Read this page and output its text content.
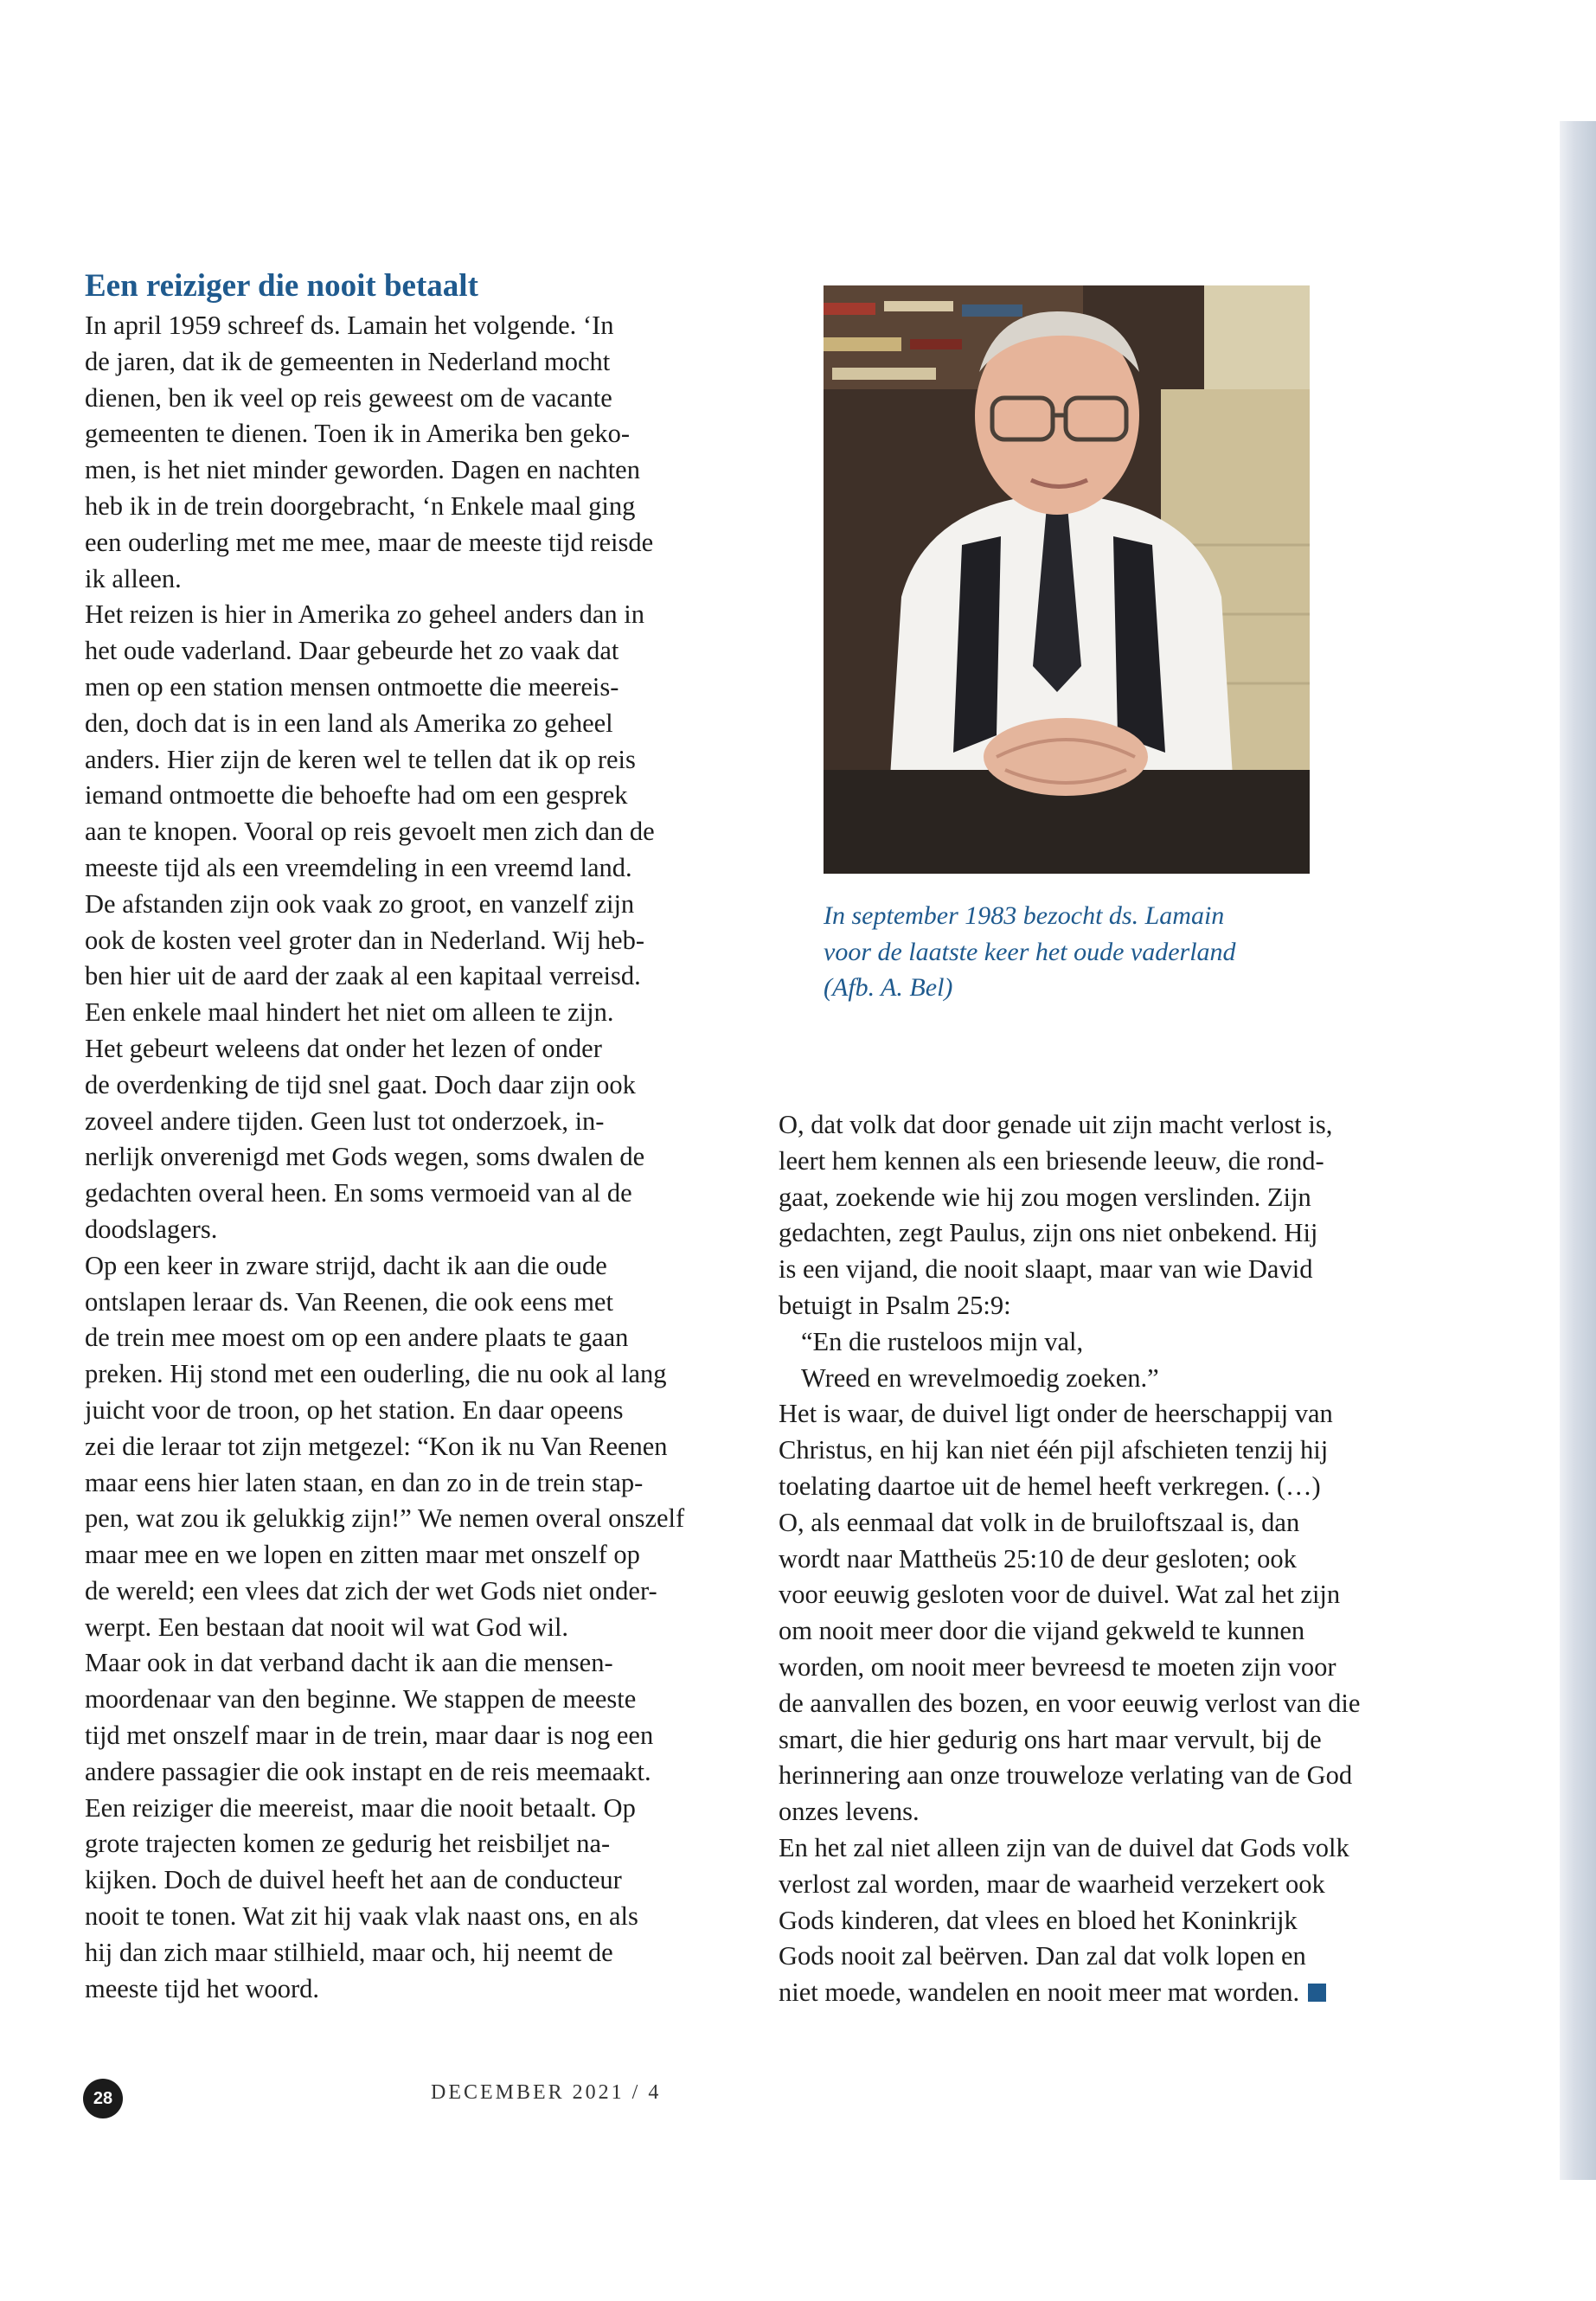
Een reiziger die nooit betaalt
In april 1959 schreef ds. Lamain het volgende. ‘In
de jaren, dat ik de gemeenten in Nederland mocht
dienen, ben ik veel op reis geweest om de vacante
gemeenten te dienen. Toen ik in Amerika ben geko-
men, is het niet minder geworden. Dagen en nachten
heb ik in de trein doorgebracht, ‘n Enkele maal ging
een ouderling met me mee, maar de meeste tijd reisde
ik alleen.
Het reizen is hier in Amerika zo geheel anders dan in
het oude vaderland. Daar gebeurde het zo vaak dat
men op een station mensen ontmoette die meereis-
den, doch dat is in een land als Amerika zo geheel
anders. Hier zijn de keren wel te tellen dat ik op reis
iemand ontmoette die behoefte had om een gesprek
aan te knopen. Vooral op reis gevoelt men zich dan de
meeste tijd als een vreemdeling in een vreemd land.
De afstanden zijn ook vaak zo groot, en vanzelf zijn
ook de kosten veel groter dan in Nederland. Wij heb-
ben hier uit de aard der zaak al een kapitaal verreisd.
Een enkele maal hindert het niet om alleen te zijn.
Het gebeurt weleens dat onder het lezen of onder
de overdenking de tijd snel gaat. Doch daar zijn ook
zoveel andere tijden. Geen lust tot onderzoek, in-
nerlijk onverenigd met Gods wegen, soms dwalen de
gedachten overal heen. En soms vermoeid van al de
doodslagers.
Op een keer in zware strijd, dacht ik aan die oude
ontslapen leraar ds. Van Reenen, die ook eens met
de trein mee moest om op een andere plaats te gaan
preken. Hij stond met een ouderling, die nu ook al lang
juicht voor de troon, op het station. En daar opeens
zei die leraar tot zijn metgezel: “Kon ik nu Van Reenen
maar eens hier laten staan, en dan zo in de trein stap-
pen, wat zou ik gelukkig zijn!” We nemen overal onszelf
maar mee en we lopen en zitten maar met onszelf op
de wereld; een vlees dat zich der wet Gods niet onder-
werpt. Een bestaan dat nooit wil wat God wil.
Maar ook in dat verband dacht ik aan die mensen-
moordenaar van den beginne. We stappen de meeste
tijd met onszelf maar in de trein, maar daar is nog een
andere passagier die ook instapt en de reis meemaakt.
Een reiziger die meereist, maar die nooit betaalt. Op
grote trajecten komen ze gedurig het reisbiljet na-
kijken. Doch de duivel heeft het aan de conducteur
nooit te tonen. Wat zit hij vaak vlak naast ons, en als
hij dan zich maar stilhield, maar och, hij neemt de
meeste tijd het woord.
In september 1983 bezocht ds. Lamain
voor de laatste keer het oude vaderland
(Afb. A. Bel)
O, dat volk dat door genade uit zijn macht verlost is,
leert hem kennen als een briesende leeuw, die rond-
gaat, zoekende wie hij zou mogen verslinden. Zijn
gedachten, zegt Paulus, zijn ons niet onbekend. Hij
is een vijand, die nooit slaapt, maar van wie David
betuigt in Psalm 25:9:
“En die rusteloos mijn val,
Wreed en wrevelmoedig zoeken.”
Het is waar, de duivel ligt onder de heerschappij van
Christus, en hij kan niet één pijl afschieten tenzij hij
toelating daartoe uit de hemel heeft verkregen. (…)
O, als eenmaal dat volk in de bruiloftszaal is, dan
wordt naar Mattheüs 25:10 de deur gesloten; ook
voor eeuwig gesloten voor de duivel. Wat zal het zijn
om nooit meer door die vijand gekweld te kunnen
worden, om nooit meer bevreesd te moeten zijn voor
de aanvallen des bozen, en voor eeuwig verlost van die
smart, die hier gedurig ons hart maar vervult, bij de
herinnering aan onze trouweloze verlating van de God
onzes levens.
En het zal niet alleen zijn van de duivel dat Gods volk
verlost zal worden, maar de waarheid verzekert ook
Gods kinderen, dat vlees en bloed het Koninkrijk
Gods nooit zal beërven. Dan zal dat volk lopen en
niet moede, wandelen en nooit meer mat worden.
28	DECEMBER 2021 / 4
